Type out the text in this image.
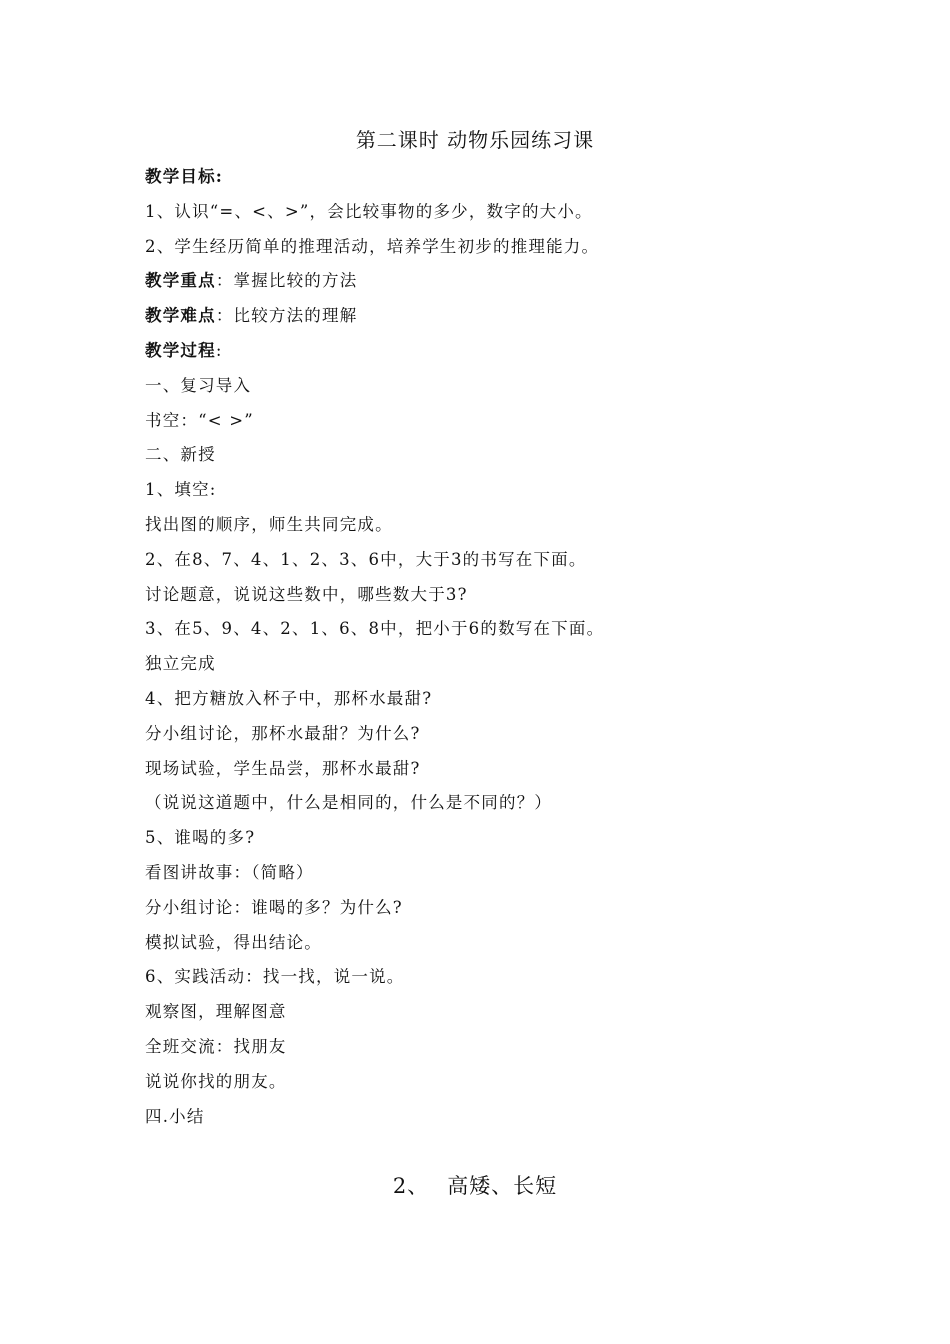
第二课时 动物乐园练习课
教学目标:
1、认识“=、<、>”，会比较事物的多少，数字的大小。
2、学生经历简单的推理活动，培养学生初步的推理能力。
教学重点：掌握比较的方法
教学难点：比较方法的理解
教学过程:
一、复习导入
书空：“< >”
二、新授
1、填空:
找出图的顺序，师生共同完成。
2、在8、7、4、1、2、3、6中，大于3的书写在下面。
讨论题意，说说这些数中，哪些数大于3?
3、在5、9、4、2、1、6、8中，把小于6的数写在下面。
独立完成
4、把方糖放入杯子中，那杯水最甜?
分小组讨论，那杯水最甜？为什么?
现场试验，学生品尝，那杯水最甜?
（说说这道题中，什么是相同的，什么是不同的？）
5、谁喝的多?
看图讲故事：（简略）
分小组讨论：谁喝的多？为什么?
模拟试验，得出结论。
6、实践活动：找一找，说一说。
观察图，理解图意
全班交流：找朋友
说说你找的朋友。
四.小结
2、 高矮、长短
